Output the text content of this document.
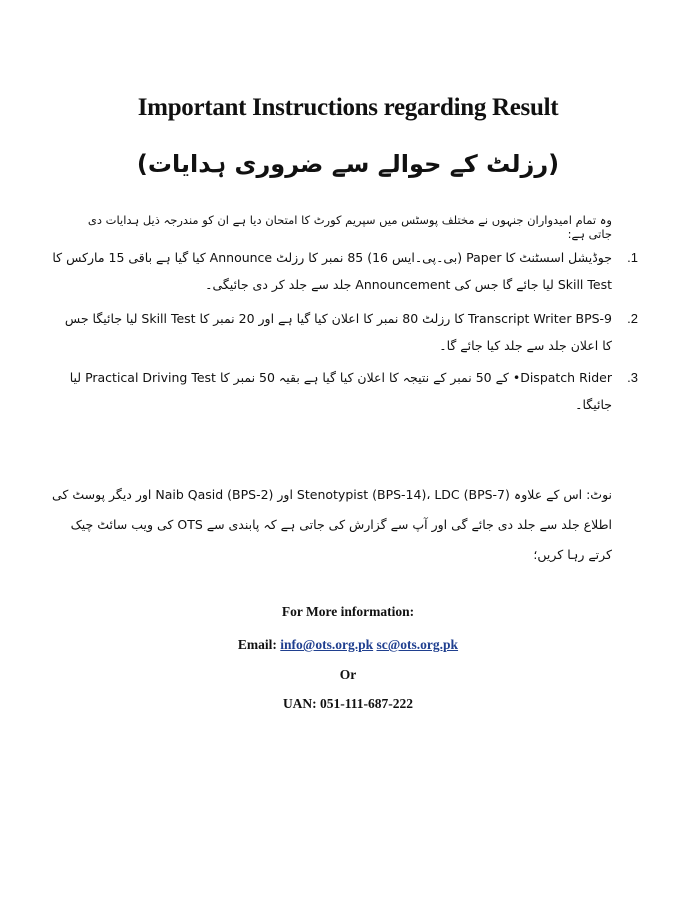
Important Instructions regarding Result
(رزلٹ کے حوالے سے ضروری ہدایات)
وہ تمام امیدواران جنہوں نے مختلف پوسٹس میں سپریم کورٹ کا امتحان دیا ہے ان کو مندرجہ ذیل ہدایات دی جاتی ہے:
.1
جوڈیشل اسسٹنٹ کا Paper (بی۔پی۔ایس 16) 85 نمبر کا رزلٹ Announce کیا گیا ہے باقی 15 مارکس کا Skill Test لیا جائے گا جس کی Announcement جلد سے جلد کر دی جائیگی۔
.2
Transcript Writer BPS-9 کا رزلٹ 80 نمبر کا اعلان کیا گیا ہے اور 20 نمبر کا Skill Test لیا جائیگا جس کا اعلان جلد سے جلد کیا جائے گا۔
.3
Dispatch Rider• کے 50 نمبر کے نتیجہ کا اعلان کیا گیا ہے بقیہ 50 نمبر کا Practical Driving Test لیا جائیگا۔
نوٹ: اس کے علاوہ Stenotypist (BPS-14)، LDC (BPS-7) اور Naib Qasid (BPS-2) اور دیگر پوسٹ کی اطلاع جلد سے جلد دی جائے گی اور آپ سے گزارش کی جاتی ہے کہ پابندی سے OTS کی ویب سائٹ چیک کرتے رہا کریں؛
For More information:
Email: info@ots.org.pk sc@ots.org.pk
Or
UAN: 051-111-687-222
